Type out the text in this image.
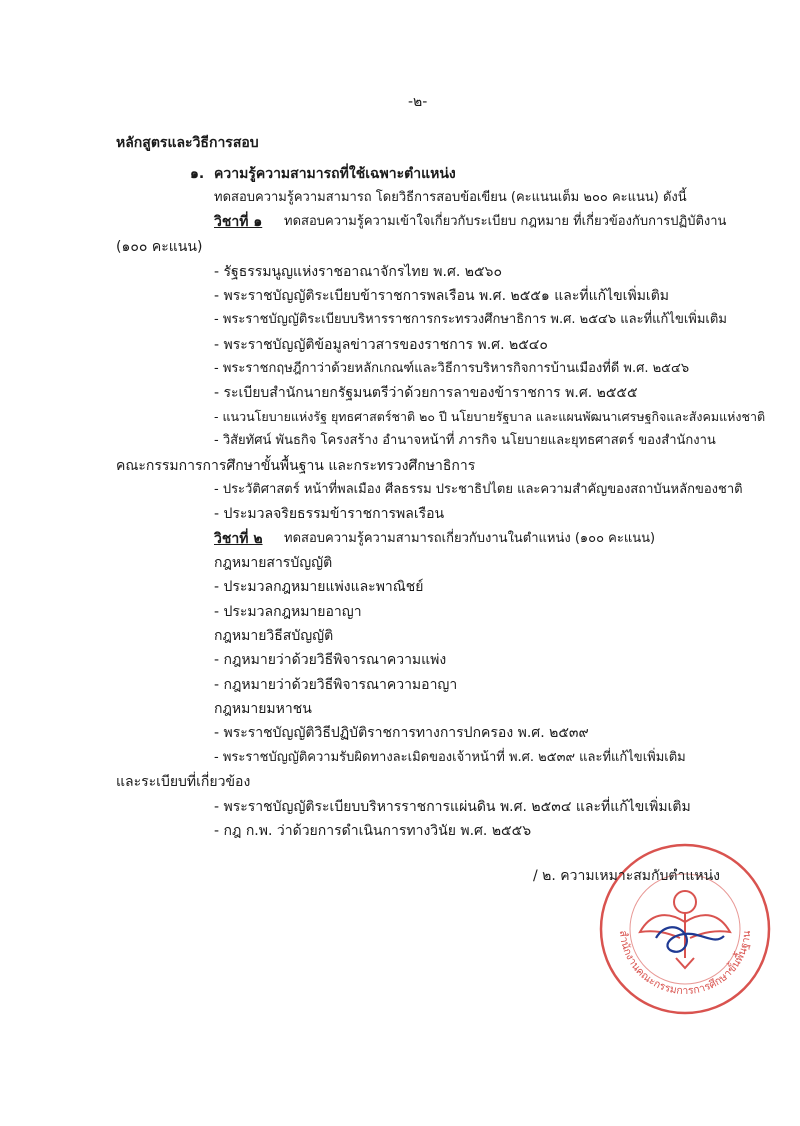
-๒-
หลักสูตรและวิธีการสอบ
๑. ความรู้ความสามารถที่ใช้เฉพาะตำแหน่ง
ทดสอบความรู้ความสามารถ โดยวิธีการสอบข้อเขียน (คะแนนเต็ม ๒๐๐ คะแนน) ดังนี้
วิชาที่ ๑ ทดสอบความรู้ความเข้าใจเกี่ยวกับระเบียบ กฎหมาย ที่เกี่ยวข้องกับการปฏิบัติงาน
(๑๐๐ คะแนน)
- รัฐธรรมนูญแห่งราชอาณาจักรไทย พ.ศ. ๒๕๖๐
- พระราชบัญญัติระเบียบข้าราชการพลเรือน พ.ศ. ๒๕๕๑ และที่แก้ไขเพิ่มเติม
- พระราชบัญญัติระเบียบบริหารราชการกระทรวงศึกษาธิการ พ.ศ. ๒๕๔๖ และที่แก้ไขเพิ่มเติม
- พระราชบัญญัติข้อมูลข่าวสารของราชการ พ.ศ. ๒๕๔๐
- พระราชกฤษฎีกาว่าด้วยหลักเกณฑ์และวิธีการบริหารกิจการบ้านเมืองที่ดี พ.ศ. ๒๕๔๖
- ระเบียบสำนักนายกรัฐมนตรีว่าด้วยการลาของข้าราชการ พ.ศ. ๒๕๕๕
- แนวนโยบายแห่งรัฐ ยุทธศาสตร์ชาติ ๒๐ ปี นโยบายรัฐบาล และแผนพัฒนาเศรษฐกิจและสังคมแห่งชาติ
- วิสัยทัศน์ พันธกิจ โครงสร้าง อำนาจหน้าที่ ภารกิจ นโยบายและยุทธศาสตร์ ของสำนักงาน
คณะกรรมการการศึกษาขั้นพื้นฐาน และกระทรวงศึกษาธิการ
- ประวัติศาสตร์ หน้าที่พลเมือง ศีลธรรม ประชาธิปไตย และความสำคัญของสถาบันหลักของชาติ
- ประมวลจริยธรรมข้าราชการพลเรือน
วิชาที่ ๒ ทดสอบความรู้ความสามารถเกี่ยวกับงานในตำแหน่ง (๑๐๐ คะแนน)
กฎหมายสารบัญญัติ
- ประมวลกฎหมายแพ่งและพาณิชย์
- ประมวลกฎหมายอาญา
กฎหมายวิธีสบัญญัติ
- กฎหมายว่าด้วยวิธีพิจารณาความแพ่ง
- กฎหมายว่าด้วยวิธีพิจารณาความอาญา
กฎหมายมหาชน
- พระราชบัญญัติวิธีปฏิบัติราชการทางการปกครอง พ.ศ. ๒๕๓๙
- พระราชบัญญัติความรับผิดทางละเมิดของเจ้าหน้าที่ พ.ศ. ๒๕๓๙ และที่แก้ไขเพิ่มเติม
และระเบียบที่เกี่ยวข้อง
- พระราชบัญญัติระเบียบบริหารราชการแผ่นดิน พ.ศ. ๒๕๓๔ และที่แก้ไขเพิ่มเติม
- กฎ ก.พ. ว่าด้วยการดำเนินการทางวินัย พ.ศ. ๒๕๕๖
สำนักงานคณะกรรมการการศึกษาขั้นพื้นฐาน
/ ๒. ความเหมาะสมกับตำแหน่ง
